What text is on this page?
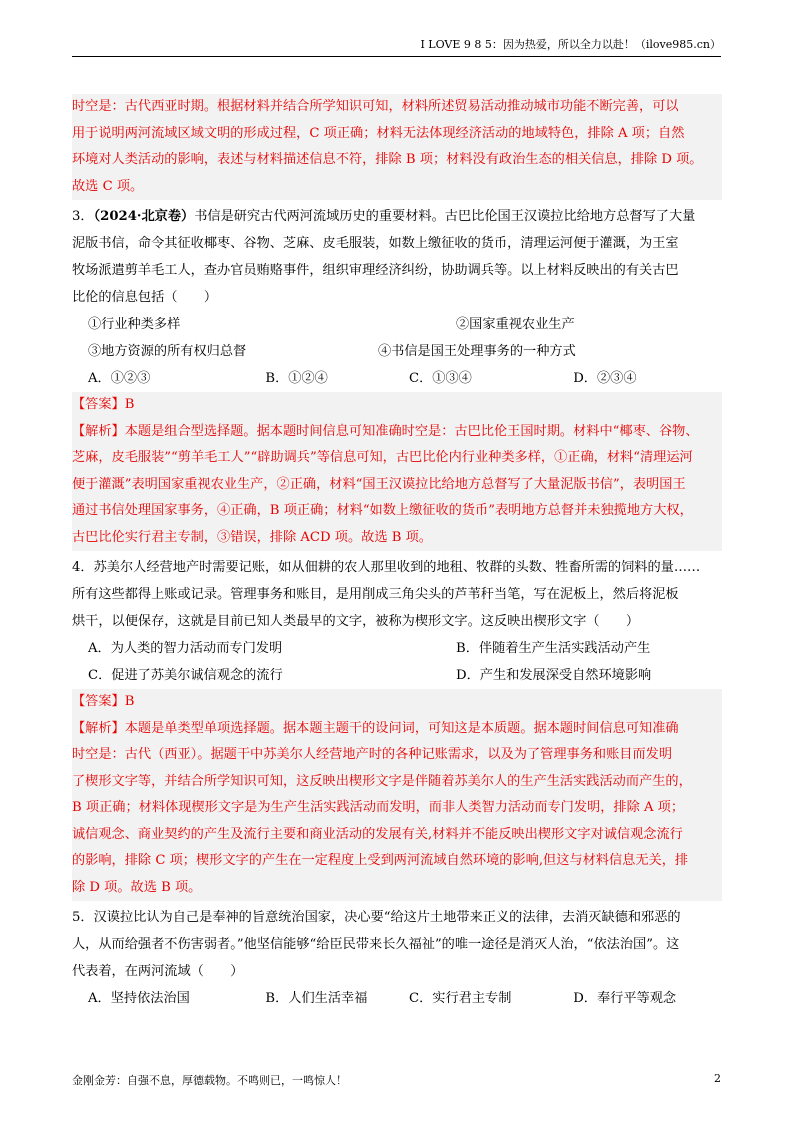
I LOVE 9 8 5：因为热爱，所以全力以赴！（ilove985.cn）
时空是：古代西亚时期。根据材料并结合所学知识可知，材料所述贸易活动推动城市功能不断完善，可以
用于说明两河流域区域文明的形成过程，C 项正确；材料无法体现经济活动的地域特色，排除 A 项；自然
环境对人类活动的影响，表述与材料描述信息不符，排除 B 项；材料没有政治生态的相关信息，排除 D 项。
故选 C 项。

3．（2024·北京卷）书信是研究古代两河流域历史的重要材料。古巴比伦国王汉谟拉比给地方总督写了大量

泥版书信，命令其征收椰枣、谷物、芝麻、皮毛服装，如数上缴征收的货币，清理运河便于灌溉，为王室

牧场派遣剪羊毛工人，查办官员贿赂事件，组织审理经济纠纷，协助调兵等。以上材料反映出的有关古巴

比伦的信息包括（　　）

①行业种类多样	②国家重视农业生产
③地方资源的所有权归总督	④书信是国王处理事务的一种方式
A．①②③	B．①②④	C．①③④	D．②③④
【答案】B
【解析】本题是组合型选择题。据本题时间信息可知准确时空是：古巴比伦王国时期。材料中“椰枣、谷物、
芝麻，皮毛服装”“剪羊毛工人”“辟助调兵”等信息可知，古巴比伦内行业种类多样，①正确，材料“清理运河
便于灌溉”表明国家重视农业生产，②正确，材料“国王汉谟拉比给地方总督写了大量泥版书信”，表明国王
通过书信处理国家事务，④正确，B 项正确；材料“如数上缴征收的货币”表明地方总督并未独揽地方大权，
古巴比伦实行君主专制，③错误，排除 ACD 项。故选 B 项。

4．苏美尔人经营地产时需要记账，如从佃耕的农人那里收到的地租、牧群的头数、牲畜所需的饲料的量……

所有这些都得上账或记录。管理事务和账目，是用削成三角尖头的芦苇秆当笔，写在泥板上，然后将泥板

烘干，以便保存，这就是目前已知人类最早的文字，被称为楔形文字。这反映出楔形文字（　　）

A．为人类的智力活动而专门发明	B．伴随着生产生活实践活动产生
C．促进了苏美尔诚信观念的流行	D．产生和发展深受自然环境影响
【答案】B
【解析】本题是单类型单项选择题。据本题主题干的设问词，可知这是本质题。据本题时间信息可知准确
时空是：古代（西亚）。据题干中苏美尔人经营地产时的各种记账需求，以及为了管理事务和账目而发明
了楔形文字等，并结合所学知识可知，这反映出楔形文字是伴随着苏美尔人的生产生活实践活动而产生的，
B 项正确；材料体现楔形文字是为生产生活实践活动而发明，而非人类智力活动而专门发明，排除 A 项；
诚信观念、商业契约的产生及流行主要和商业活动的发展有关,材料并不能反映出楔形文字对诚信观念流行
的影响，排除 C 项；楔形文字的产生在一定程度上受到两河流域自然环境的影响,但这与材料信息无关，排
除 D 项。故选 B 项。

5．汉谟拉比认为自己是奉神的旨意统治国家，决心要“给这片土地带来正义的法律，去消灭缺德和邪恶的

人，从而给强者不伤害弱者。”他坚信能够“给臣民带来长久福祉”的唯一途径是消灭人治，“依法治国”。这

代表着，在两河流域（　　）

A．坚持依法治国	B．人们生活幸福	C．实行君主专制	D．奉行平等观念
金刚金芳：自强不息，厚德载物。不鸣则已，一鸣惊人！	2
